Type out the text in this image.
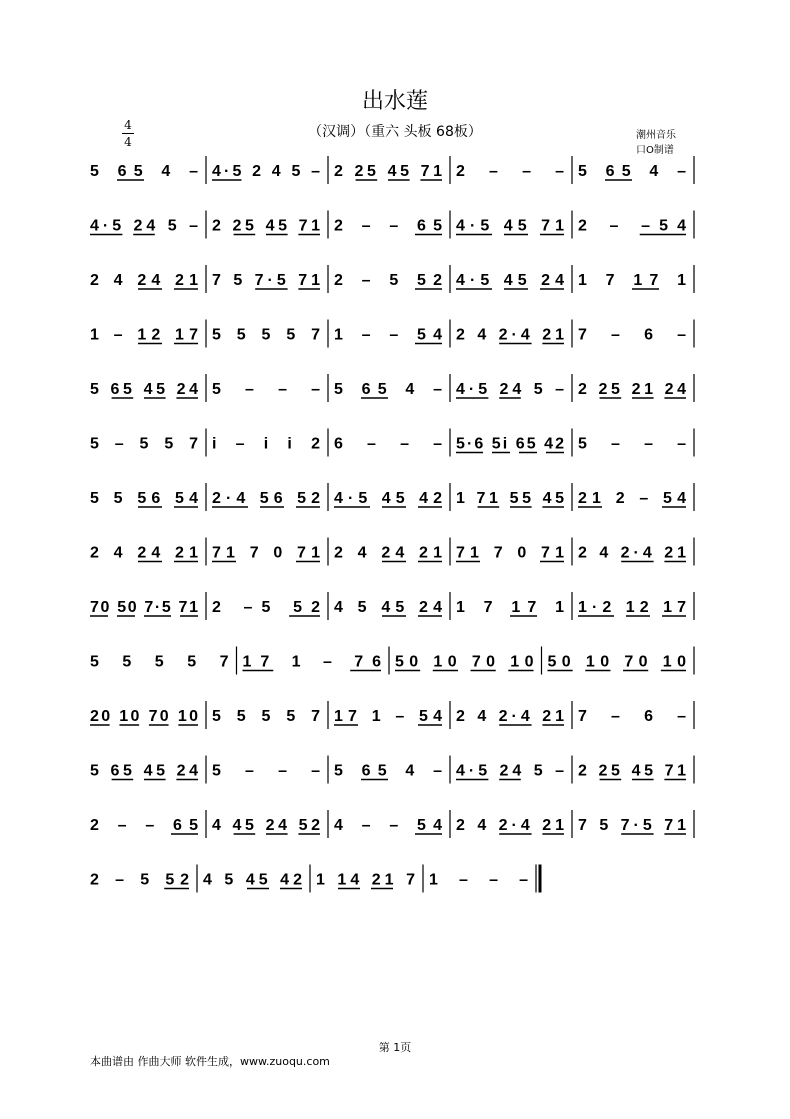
出水莲
（汉调）（重六 头板 68板）
4
4	潮州音乐
口O制谱
5 65 4 – 4·5 2 4 5 – 2 25 45 71 2 – – – 5 65 4 –
4·5 24 5 – 2 25 45 71 2 – – 65 4·5 45 71 2 – –54
2 4 24 21 7 5 7·5 71 2 – 5 52 4·5 45 24 1 7 17 1
1 – 12 17 5 5 5 5 7 1 – – 54 2 4 2·4 21 7 – 6 –
5 65 45 24 5 – – – 5 65 4 – 4·5 24 5 – 2 25 21 24
5 – 5 5 7 i – i i 2 6 – – – 5·6 5i 65 42 5 – – –
5 5 56 54 2·4 56 52 4·5 45 42 1 71 55 45 21 2 – 54
2 4 24 21 71 7 0 71 2 4 24 21 71 7 0 71 2 4 2·4 21
70 50 7·5 71 2 –5 52 4 5 45 24 1 7 17 1 1·2 12 17
5 5 5 5 7 17 1 – 76 50 10 70 10 50 10 70 10
20 10 70 10 5 5 5 5 7 17 1 – 54 2 4 2·4 21 7 – 6 –
5 65 45 24 5 – – – 5 65 4 – 4·5 24 5 – 2 25 45 71
2 – – 65 4 45 24 52 4 – – 54 2 4 2·4 21 7 5 7·5 71
2 – 5 52 4 5 45 42 1 14 21 7 1 – – –
第 1页
本曲谱由 作曲大师 软件生成，www.zuoqu.com
